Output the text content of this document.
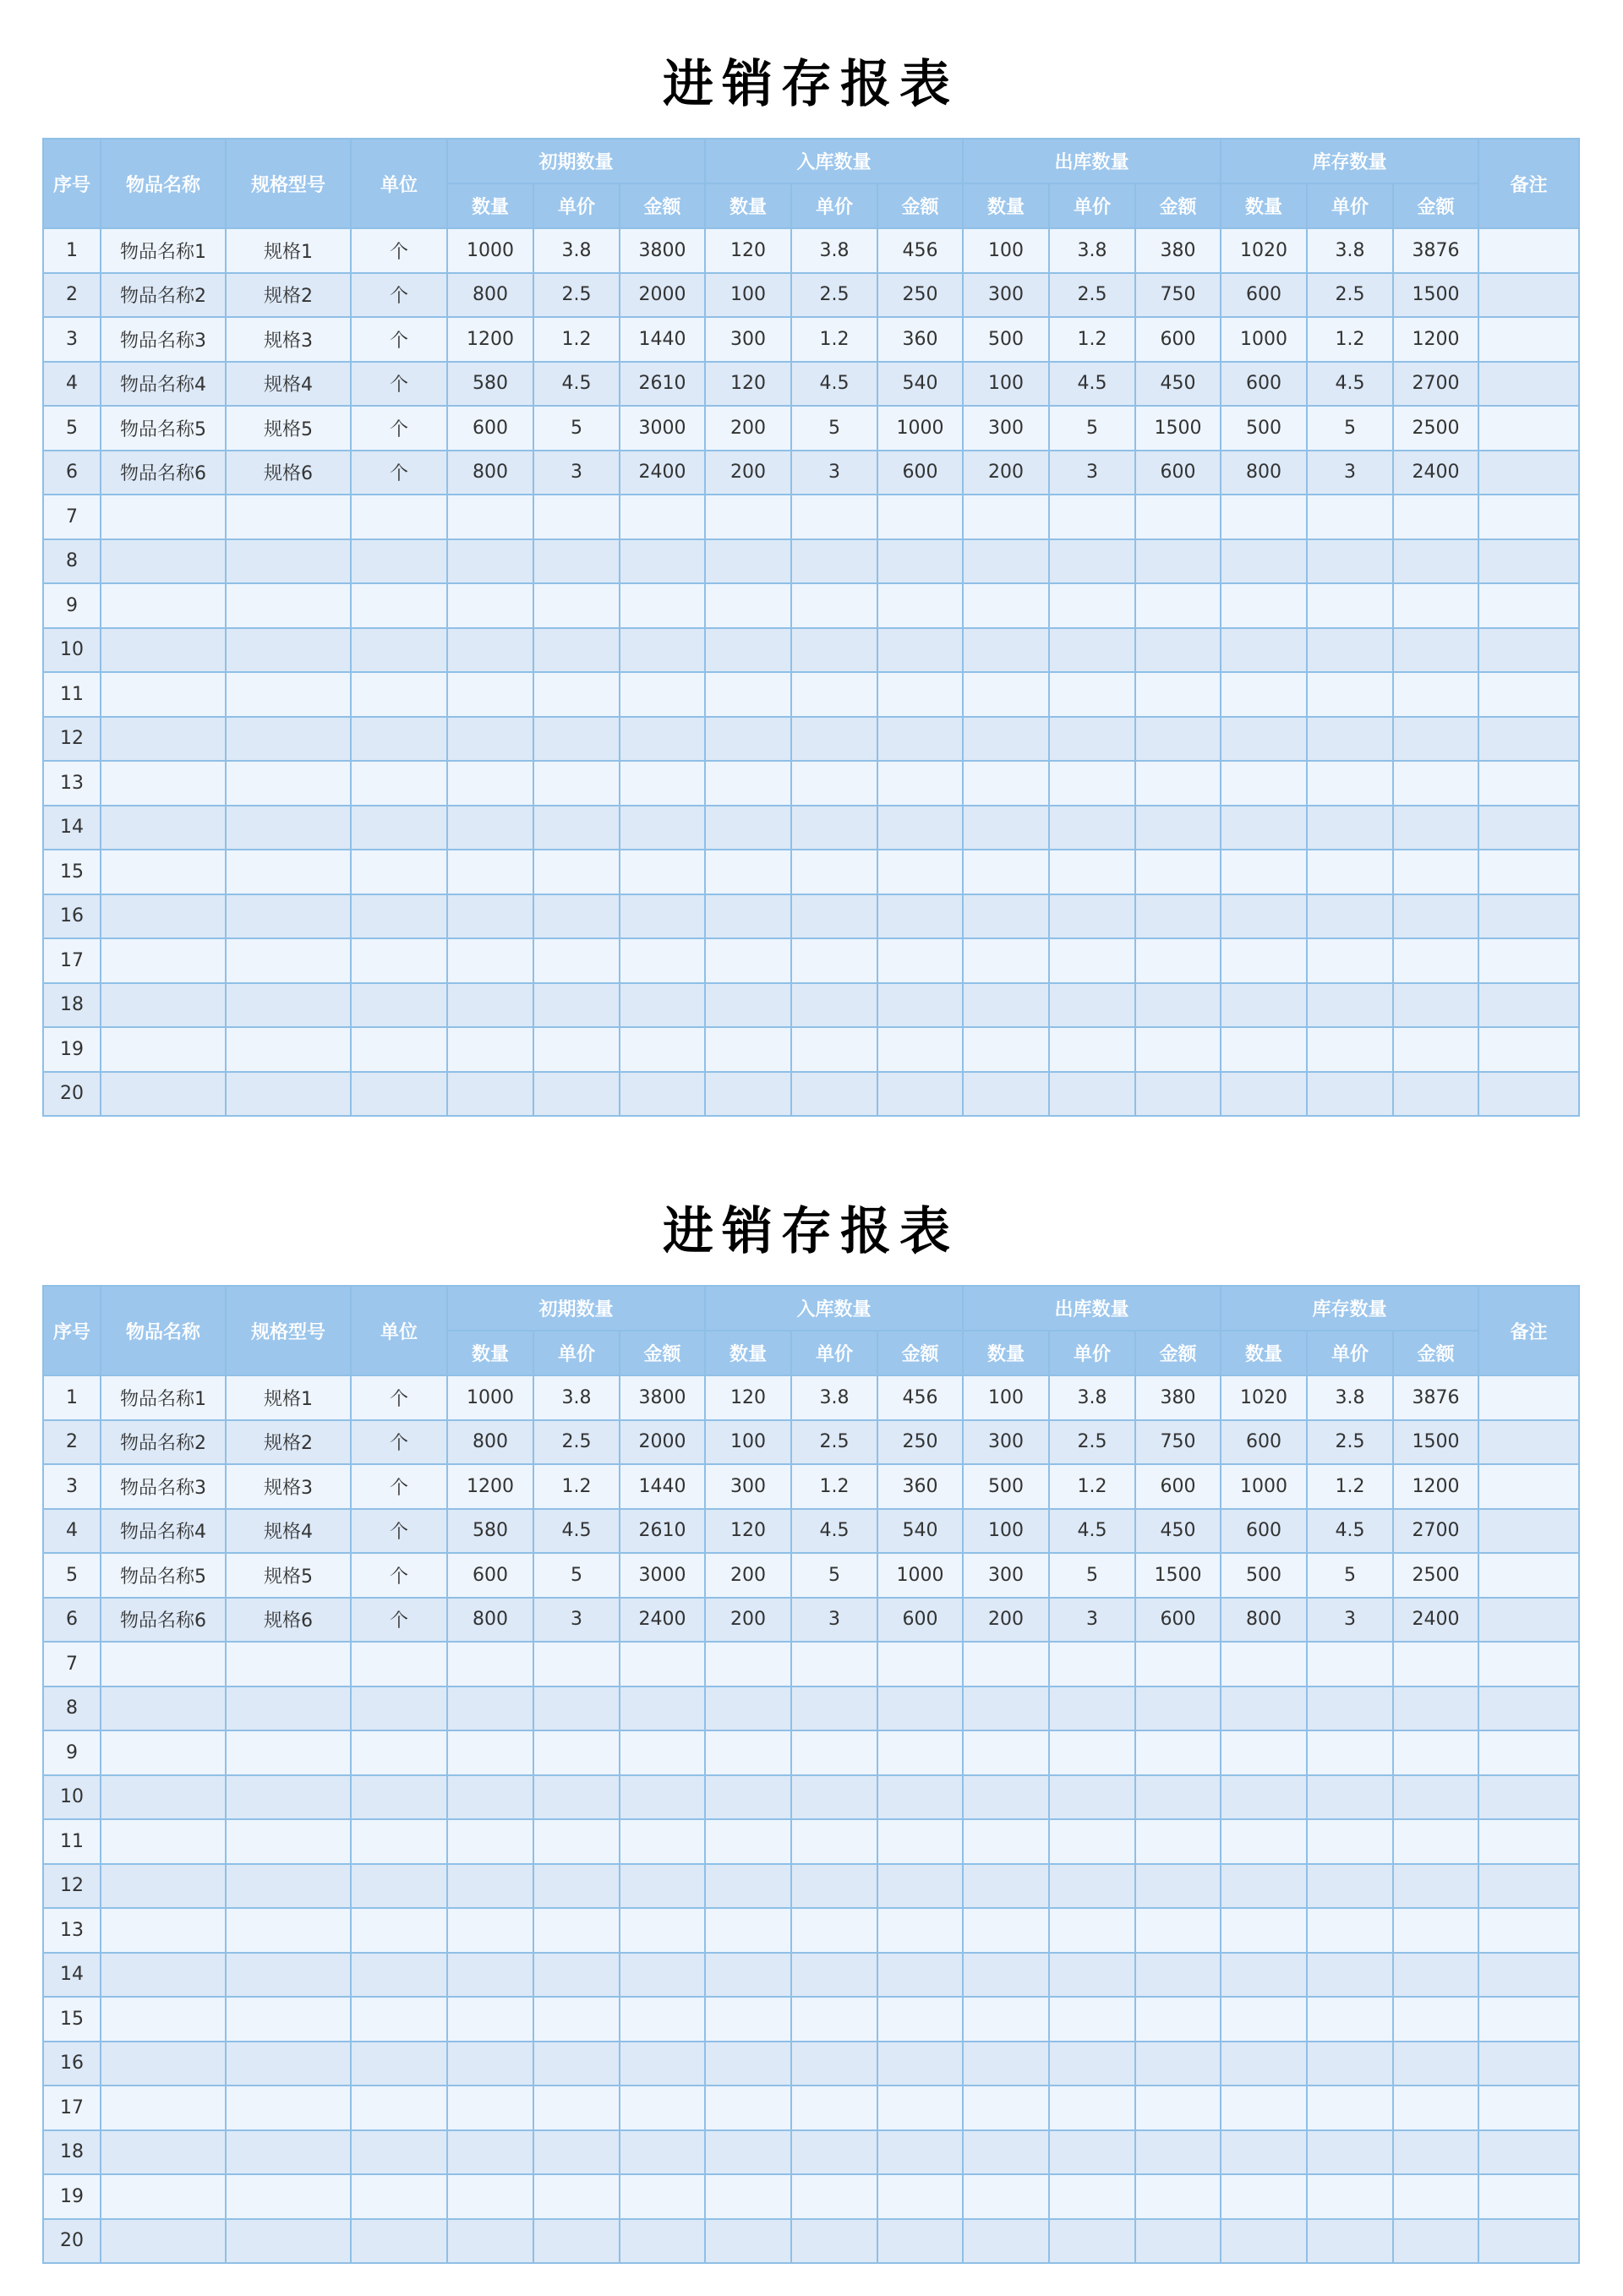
进销存报表
序号	物品名称	规格型号	单位	初期数量			入库数量			出库数量			库存数量			备注
				数量	单价	金额	数量	单价	金额	数量	单价	金额	数量	单价	金额	
1	物品名称1	规格1	个	1000	3.8	3800	120	3.8	456	100	3.8	380	1020	3.8	3876	
2	物品名称2	规格2	个	800	2.5	2000	100	2.5	250	300	2.5	750	600	2.5	1500	
3	物品名称3	规格3	个	1200	1.2	1440	300	1.2	360	500	1.2	600	1000	1.2	1200	
4	物品名称4	规格4	个	580	4.5	2610	120	4.5	540	100	4.5	450	600	4.5	2700	
5	物品名称5	规格5	个	600	5	3000	200	5	1000	300	5	1500	500	5	2500	
6	物品名称6	规格6	个	800	3	2400	200	3	600	200	3	600	800	3	2400	
7																
8																
9																
10																
11																
12																
13																
14																
15																
16																
17																
18																
19																
20																
进销存报表
序号	物品名称	规格型号	单位	初期数量			入库数量			出库数量			库存数量			备注
				数量	单价	金额	数量	单价	金额	数量	单价	金额	数量	单价	金额	
1	物品名称1	规格1	个	1000	3.8	3800	120	3.8	456	100	3.8	380	1020	3.8	3876	
2	物品名称2	规格2	个	800	2.5	2000	100	2.5	250	300	2.5	750	600	2.5	1500	
3	物品名称3	规格3	个	1200	1.2	1440	300	1.2	360	500	1.2	600	1000	1.2	1200	
4	物品名称4	规格4	个	580	4.5	2610	120	4.5	540	100	4.5	450	600	4.5	2700	
5	物品名称5	规格5	个	600	5	3000	200	5	1000	300	5	1500	500	5	2500	
6	物品名称6	规格6	个	800	3	2400	200	3	600	200	3	600	800	3	2400	
7																
8																
9																
10																
11																
12																
13																
14																
15																
16																
17																
18																
19																
20																
